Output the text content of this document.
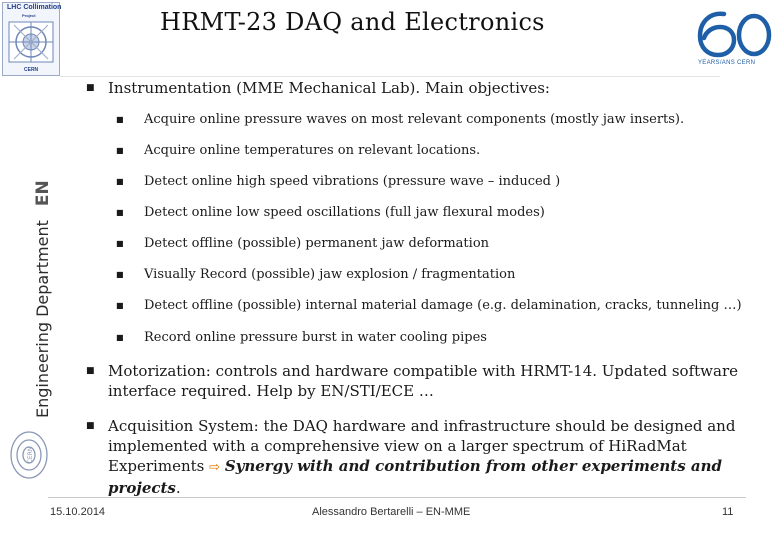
LHC Collimation
Project
CERN
HRMT-23 DAQ and Electronics
YEARS/ANS CERN
Engineering DepartmentEN
CERN
■ Instrumentation (MME Mechanical Lab). Main objectives:
■ Acquire online pressure waves on most relevant components (mostly jaw inserts).
■ Acquire online temperatures on relevant locations.
■ Detect online high speed vibrations (pressure wave – induced )
■ Detect online low speed oscillations (full jaw flexural modes)
■ Detect offline (possible) permanent jaw deformation
■ Visually Record (possible) jaw explosion / fragmentation
■ Detect offline (possible) internal material damage (e.g. delamination, cracks, tunneling …)
■ Record online pressure burst in water cooling pipes
■ Motorization: controls and hardware compatible with HRMT-14. Updated software
interface required. Help by EN/STI/ECE …
■ Acquisition System: the DAQ hardware and infrastructure should be designed and
implemented with a comprehensive view on a larger spectrum of HiRadMat
Experiments ⇨ Synergy with and contribution from other experiments and
projects.
15.10.2014	Alessandro Bertarelli – EN-MME	11
